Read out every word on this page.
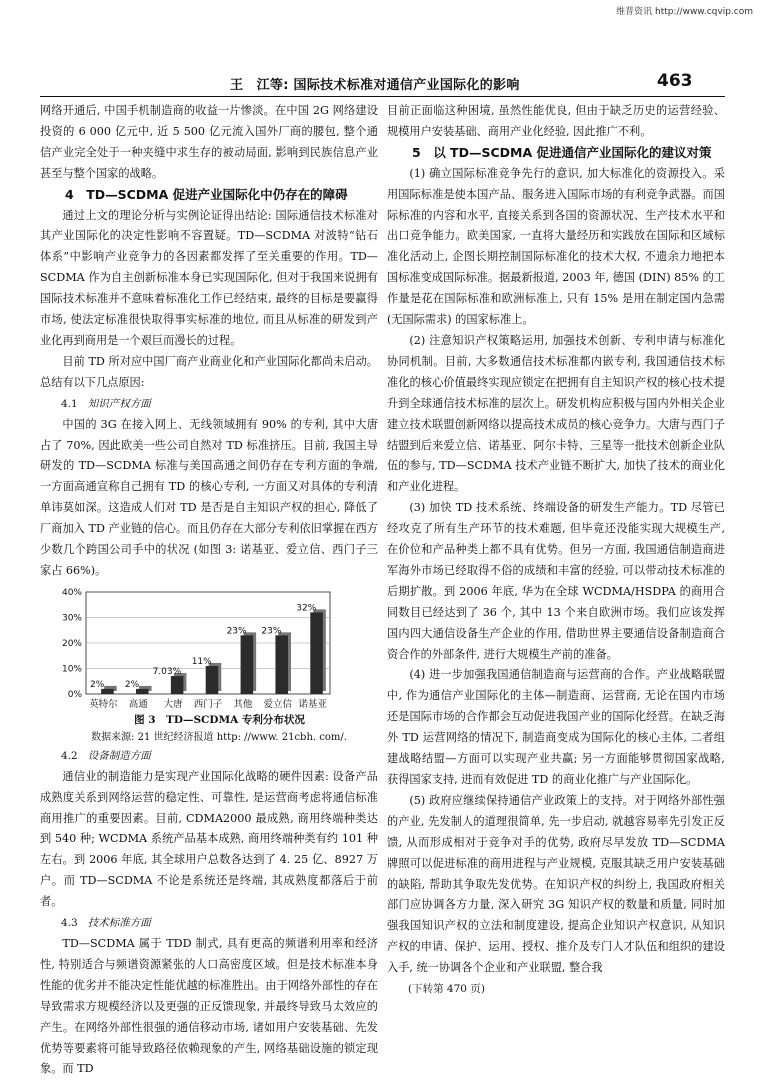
维普资讯 http://www.cqvip.com
王　江等: 国际技术标准对通信产业国际化的影响	463

网络开通后, 中国手机制造商的收益一片惨淡。在中国 2G 网络建设投资的 6 000 亿元中, 近 5 500 亿元流入国外厂商的腰包, 整个通信产业完全处于一种夹缝中求生存的被动局面, 影响到民族信息产业甚至与整个国家的战略。

4　TD—SCDMA 促进产业国际化中仍存在的障碍

通过上文的理论分析与实例论证得出结论: 国际通信技术标准对其产业国际化的决定性影响不容置疑。TD—SCDMA 对波特“钻石体系”中影响产业竞争力的各因素都发挥了至关重要的作用。TD—SCDMA 作为自主创新标准本身已实现国际化, 但对于我国来说拥有国际技术标准并不意味着标准化工作已经结束, 最终的目标是要赢得市场, 使法定标准很快取得事实标准的地位, 而且从标准的研发到产业化再到商用是一个艰巨而漫长的过程。

目前 TD 所对应中国厂商产业商业化和产业国际化都尚未启动。总结有以下几点原因:

4.1 知识产权方面

中国的 3G 在接入网上、无线领域拥有 90% 的专利, 其中大唐占了 70%, 因此欧美一些公司自然对 TD 标准挤压。目前, 我国主导研发的 TD—SCDMA 标准与美国高通之间仍存在专利方面的争端, 一方面高通宣称自己拥有 TD 的核心专利, 一方面又对具体的专利清单讳莫如深。这造成人们对 TD 是否是自主知识产权的担心, 降低了厂商加入 TD 产业链的信心。而且仍存在大部分专利依旧掌握在西方少数几个跨国公司手中的状况 (如图 3: 诺基亚、爱立信、西门子三家占 66%)。

40%
30%
20%
10%
0%
2%
英特尔
2%
高通
7.03%
大唐
11%
西门子
23%
其他
23%
爱立信
32%
诺基亚

图 3　TD—SCDMA 专利分布状况

数据来源: 21 世纪经济报道 http: //www. 21cbh. com/.

4.2 设备制造方面

通信业的制造能力是实现产业国际化战略的硬件因素: 设备产品成熟度关系到网络运营的稳定性、可靠性, 是运营商考虑将通信标准商用推广的重要因素。目前, CDMA2000 最成熟, 商用终端种类达到 540 种; WCDMA 系统产品基本成熟, 商用终端种类有约 101 种左右。到 2006 年底, 其全球用户总数各达到了 4. 25 亿、8927 万户。而 TD—SCDMA 不论是系统还是终端, 其成熟度都落后于前者。

4.3 技术标准方面

TD—SCDMA 属于 TDD 制式, 具有更高的频谱利用率和经济性, 特别适合与频谱资源紧张的人口高密度区域。但是技术标准本身性能的优劣并不能决定性能优越的标准胜出。由于网络外部性的存在导致需求方规模经济以及更强的正反馈现象, 并最终导致马太效应的产生。在网络外部性很强的通信移动市场, 诸如用户安装基础、先发优势等要素将可能导致路径依赖现象的产生, 网络基础设施的锁定现象。而 TD

目前正面临这种困境, 虽然性能优良, 但由于缺乏历史的运营经验、规模用户安装基础、商用产业化经验, 因此推广不利。

5　以 TD—SCDMA 促进通信产业国际化的建议对策

(1) 确立国际标准竞争先行的意识, 加大标准化的资源投入。采用国际标准是使本国产品、服务进入国际市场的有利竞争武器。而国际标准的内容和水平, 直接关系到各国的资源状况、生产技术水平和出口竞争能力。欧美国家, 一直将大量经历和实践放在国际和区域标准化活动上, 企图长期控制国际标准化的技术大权, 不遗余力地把本国标准变成国际标准。据最新报道, 2003 年, 德国 (DIN) 85% 的工作量是花在国际标准和欧洲标准上, 只有 15% 是用在制定国内急需 (无国际需求) 的国家标准上。

(2) 注意知识产权策略运用, 加强技术创新、专利申请与标准化协同机制。目前, 大多数通信技术标准都内嵌专利, 我国通信技术标准化的核心价值最终实现应锁定在把拥有自主知识产权的核心技术提升到全球通信技术标准的层次上。研发机构应积极与国内外相关企业建立技术联盟创新网络以提高技术成员的核心竞争力。大唐与西门子结盟到后来爱立信、诺基亚、阿尔卡特、三星等一批技术创新企业队伍的参与, TD—SCDMA 技术产业链不断扩大, 加快了技术的商业化和产业化进程。

(3) 加快 TD 技术系统、终端设备的研发生产能力。TD 尽管已经攻克了所有生产环节的技术难题, 但毕竟还没能实现大规模生产, 在价位和产品种类上都不具有优势。但另一方面, 我国通信制造商进军海外市场已经取得不俗的成绩和丰富的经验, 可以带动技术标准的后期扩散。到 2006 年底, 华为在全球 WCDMA/HSDPA 的商用合同数目已经达到了 36 个, 其中 13 个来自欧洲市场。我们应该发挥国内四大通信设备生产企业的作用, 借助世界主要通信设备制造商合资合作的外部条件, 进行大规模生产前的准备。

(4) 进一步加强我国通信制造商与运营商的合作。产业战略联盟中, 作为通信产业国际化的主体—制造商、运营商, 无论在国内市场还是国际市场的合作都会互动促进我国产业的国际化经营。在缺乏海外 TD 运营网络的情况下, 制造商变成为国际化的核心主体, 二者组建战略结盟—方面可以实现产业共赢; 另一方面能够贯彻国家战略, 获得国家支持, 进而有效促进 TD 的商业化推广与产业国际化。

(5) 政府应继续保持通信产业政策上的支持。对于网络外部性强的产业, 先发制人的道理很简单, 先一步启动, 就越容易率先引发正反馈, 从而形成相对于竞争对手的优势, 政府尽早发放 TD—SCDMA 牌照可以促进标准的商用进程与产业规模, 克服其缺乏用户安装基础的缺陷, 帮助其争取先发优势。在知识产权的纠纷上, 我国政府相关部门应协调各方力量, 深入研究 3G 知识产权的数量和质量, 同时加强我国知识产权的立法和制度建设, 提高企业知识产权意识, 从知识产权的申请、保护、运用、授权、推介及专门人才队伍和组织的建设入手, 统一协调各个企业和产业联盟, 整合我

(下转第 470 页)
